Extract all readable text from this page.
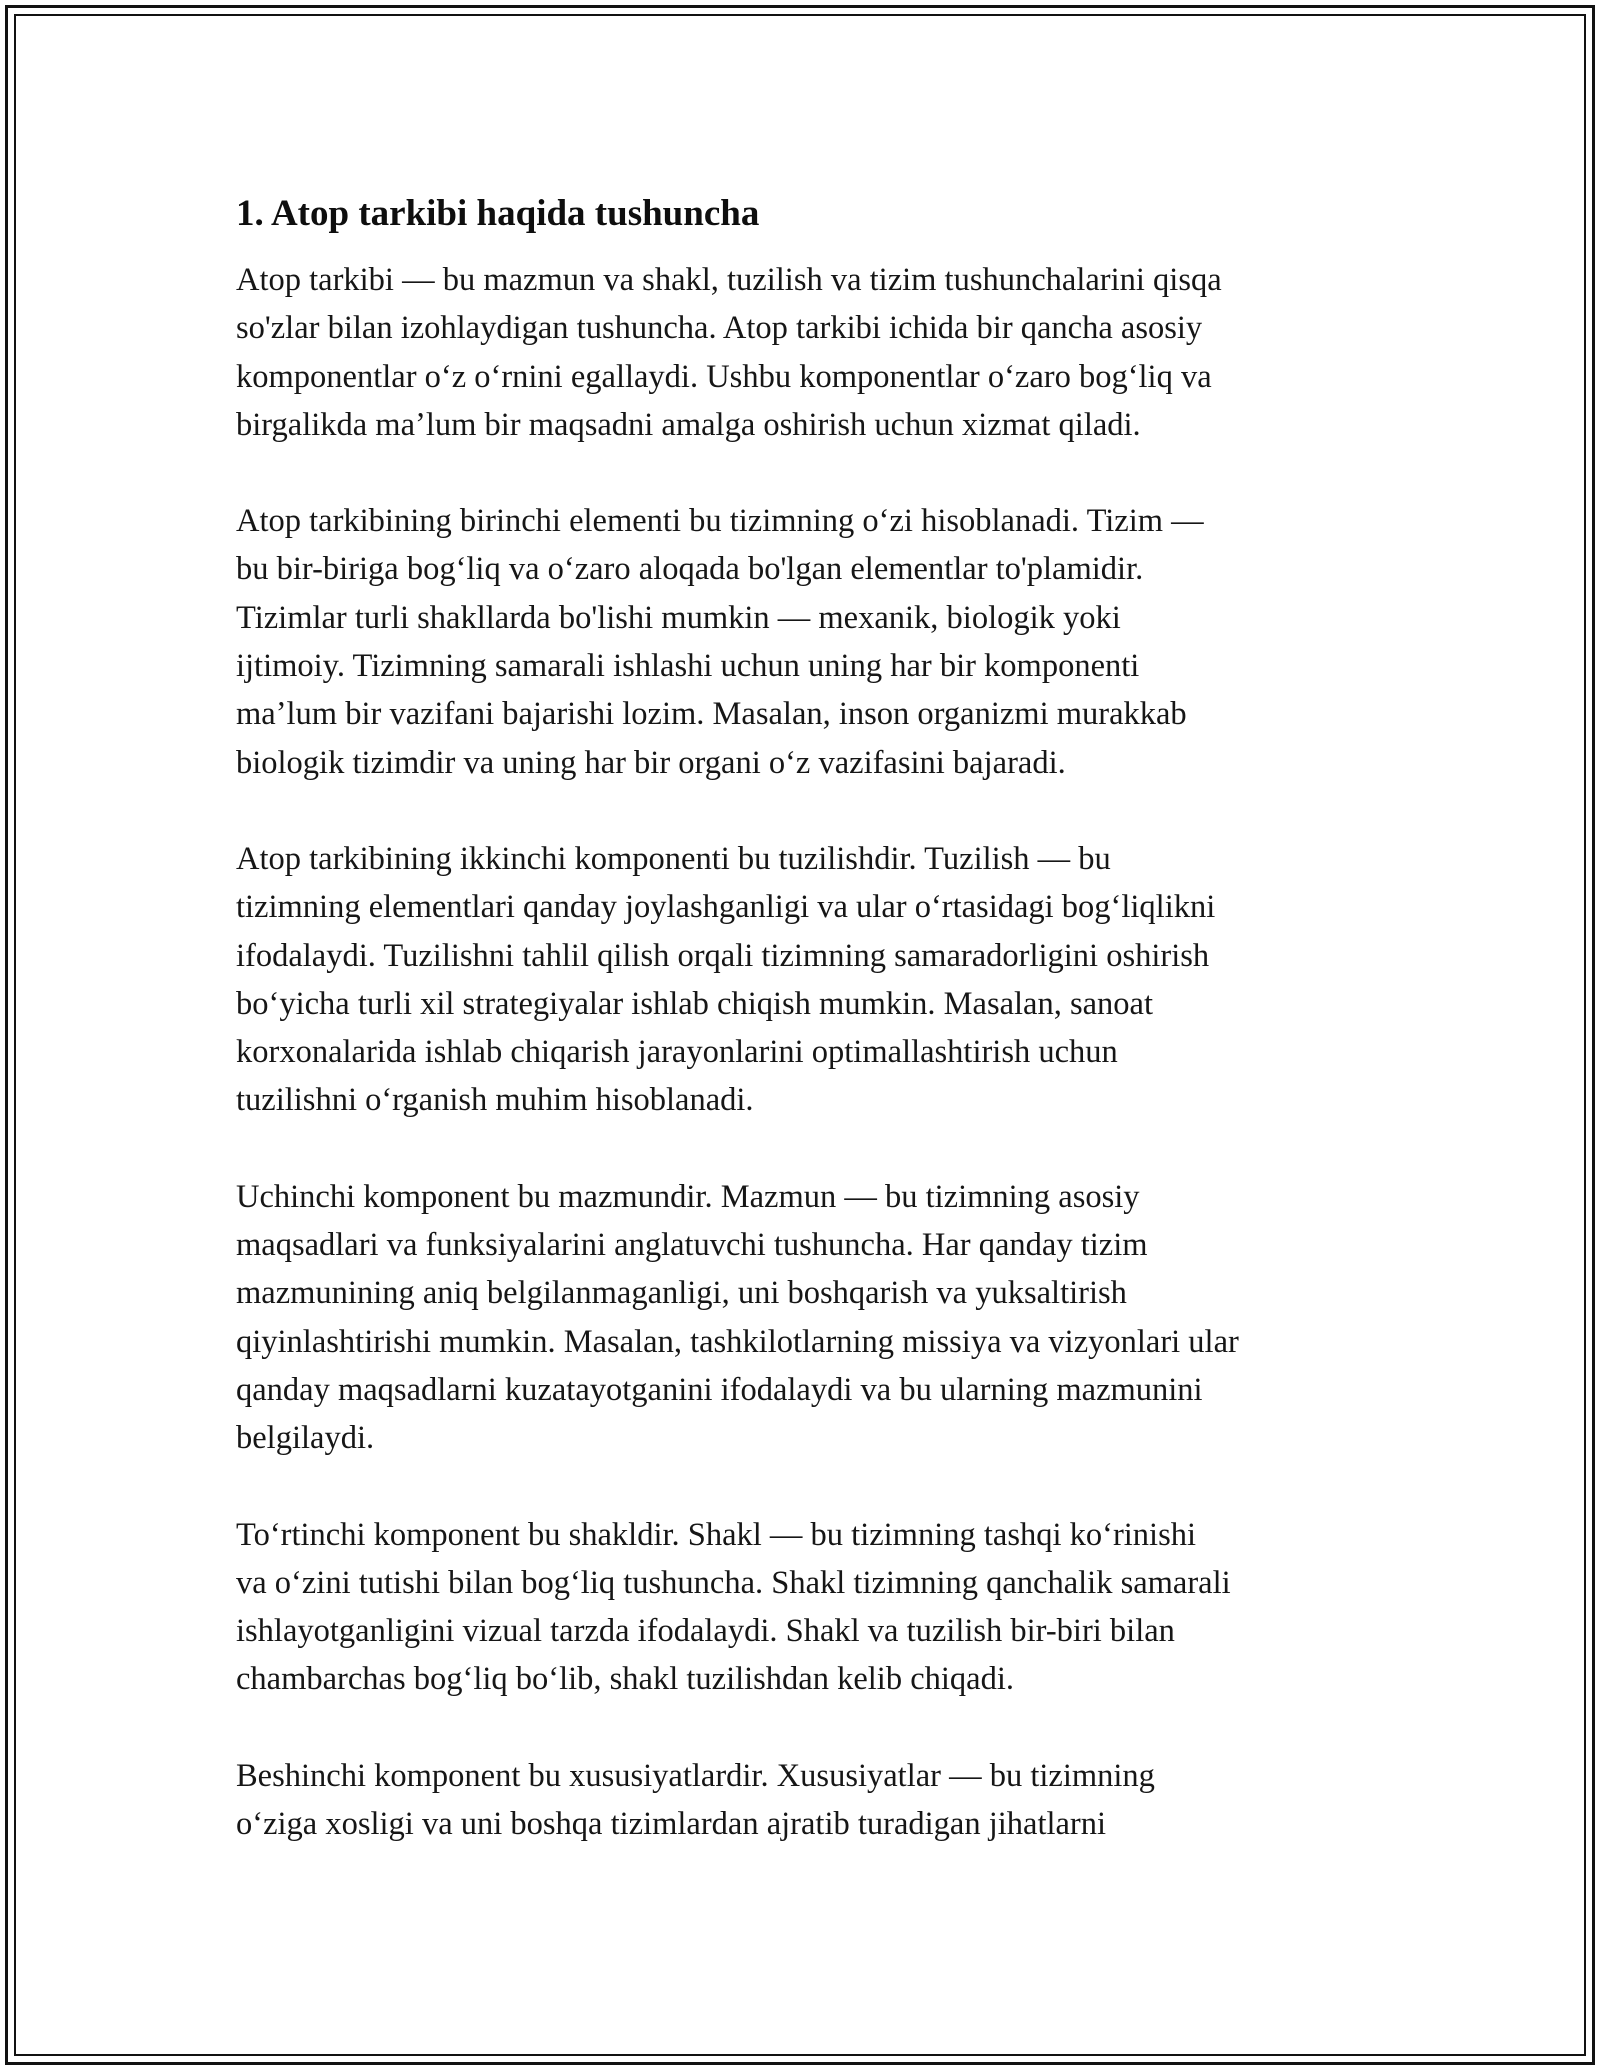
1. Atop tarkibi haqida tushuncha

Atop tarkibi — bu mazmun va shakl, tuzilish va tizim tushunchalarini qisqa
so'zlar bilan izohlaydigan tushuncha. Atop tarkibi ichida bir qancha asosiy
komponentlar oʻz oʻrnini egallaydi. Ushbu komponentlar oʻzaro bogʻliq va
birgalikda maʼlum bir maqsadni amalga oshirish uchun xizmat qiladi.

Atop tarkibining birinchi elementi bu tizimning oʻzi hisoblanadi. Tizim —
bu bir-biriga bogʻliq va oʻzaro aloqada bo'lgan elementlar to'plamidir.
Tizimlar turli shakllarda bo'lishi mumkin — mexanik, biologik yoki
ijtimoiy. Tizimning samarali ishlashi uchun uning har bir komponenti
maʼlum bir vazifani bajarishi lozim. Masalan, inson organizmi murakkab
biologik tizimdir va uning har bir organi oʻz vazifasini bajaradi.

Atop tarkibining ikkinchi komponenti bu tuzilishdir. Tuzilish — bu
tizimning elementlari qanday joylashganligi va ular oʻrtasidagi bogʻliqlikni
ifodalaydi. Tuzilishni tahlil qilish orqali tizimning samaradorligini oshirish
boʻyicha turli xil strategiyalar ishlab chiqish mumkin. Masalan, sanoat
korxonalarida ishlab chiqarish jarayonlarini optimallashtirish uchun
tuzilishni oʻrganish muhim hisoblanadi.

Uchinchi komponent bu mazmundir. Mazmun — bu tizimning asosiy
maqsadlari va funksiyalarini anglatuvchi tushuncha. Har qanday tizim
mazmunining aniq belgilanmaganligi, uni boshqarish va yuksaltirish
qiyinlashtirishi mumkin. Masalan, tashkilotlarning missiya va vizyonlari ular
qanday maqsadlarni kuzatayotganini ifodalaydi va bu ularning mazmunini
belgilaydi.

Toʻrtinchi komponent bu shakldir. Shakl — bu tizimning tashqi koʻrinishi
va oʻzini tutishi bilan bogʻliq tushuncha. Shakl tizimning qanchalik samarali
ishlayotganligini vizual tarzda ifodalaydi. Shakl va tuzilish bir-biri bilan
chambarchas bogʻliq boʻlib, shakl tuzilishdan kelib chiqadi.

Beshinchi komponent bu xususiyatlardir. Xususiyatlar — bu tizimning
oʻziga xosligi va uni boshqa tizimlardan ajratib turadigan jihatlarni
